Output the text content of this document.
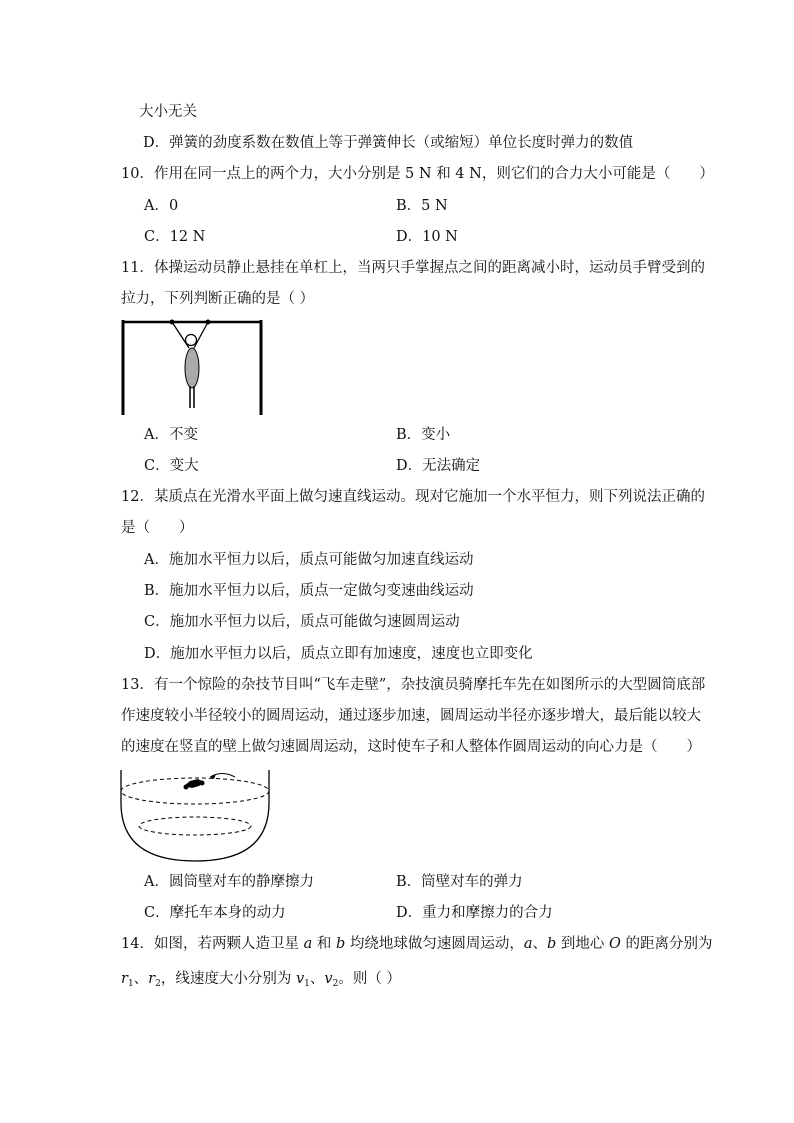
大小无关
D．弹簧的劲度系数在数值上等于弹簧伸长（或缩短）单位长度时弹力的数值
10．作用在同一点上的两个力，大小分别是 5 N 和 4 N，则它们的合力大小可能是（　　）
A．0	B．5 N
C．12 N	D．10 N
11．体操运动员静止悬挂在单杠上，当两只手掌握点之间的距离减小时，运动员手臂受到的
拉力，下列判断正确的是（ ）
A．不变	B．变小
C．变大	D．无法确定
12．某质点在光滑水平面上做匀速直线运动。现对它施加一个水平恒力，则下列说法正确的
是（　　）
A．施加水平恒力以后，质点可能做匀加速直线运动
B．施加水平恒力以后，质点一定做匀变速曲线运动
C．施加水平恒力以后，质点可能做匀速圆周运动
D．施加水平恒力以后，质点立即有加速度，速度也立即变化
13．有一个惊险的杂技节目叫“飞车走壁”，杂技演员骑摩托车先在如图所示的大型圆筒底部
作速度较小半径较小的圆周运动，通过逐步加速，圆周运动半径亦逐步增大，最后能以较大
的速度在竖直的壁上做匀速圆周运动，这时使车子和人整体作圆周运动的向心力是（　　）
A．圆筒壁对车的静摩擦力	B．筒壁对车的弹力
C．摩托车本身的动力	D．重力和摩擦力的合力
14．如图，若两颗人造卫星 a 和 b 均绕地球做匀速圆周运动，a、b 到地心 O 的距离分别为
$r_1$、$r_2$，线速度大小分别为 $v_1$、$v_2$。则（ ）
